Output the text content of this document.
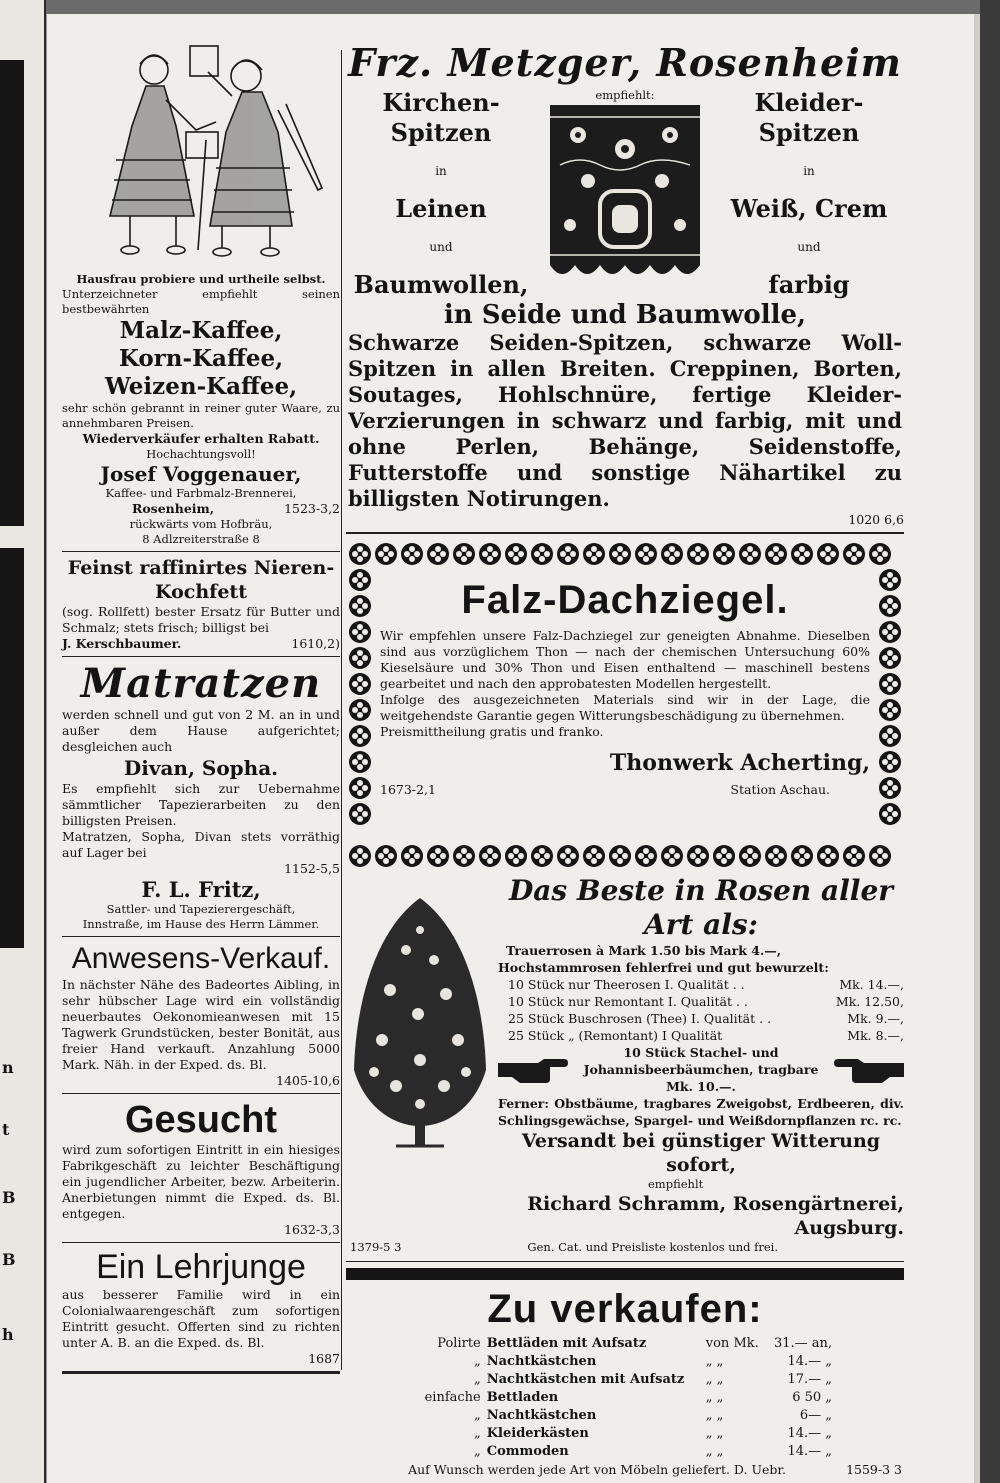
n
t
B
B
h
Hausfrau probiere und urtheile selbst.
Unterzeichneter empfiehlt seinen bestbewährten
Malz-Kaffee,
Korn-Kaffee,
Weizen-Kaffee,
sehr schön gebrannt in reiner guter Waare, zu annehmbaren Preisen.
Wiederverkäufer erhalten Rabatt.
Hochachtungsvoll!
Josef Voggenauer,
Kaffee- und Farbmalz-Brennerei,
Rosenheim,	1523-3,2
rückwärts vom Hofbräu,
8 Adlzreiterstraße 8
Feinst raffinirtes Nieren-Kochfett
(sog. Rollfett) bester Ersatz für Butter und Schmalz; stets frisch; billigst bei
J. Kerschbaumer.	1610,2)
Matratzen
werden schnell und gut von 2 M. an in und außer dem Hause aufgerichtet; desgleichen auch
Divan, Sopha.
Es empfiehlt sich zur Uebernahme sämmtlicher Tapezierarbeiten zu den billigsten Preisen.
Matratzen, Sopha, Divan stets vorräthig auf Lager bei
1152-5,5
F. L. Fritz,
Sattler- und Tapezierergeschäft,
Innstraße, im Hause des Herrn Lämmer.
Anwesens-Verkauf.
In nächster Nähe des Badeortes Aibling, in sehr hübscher Lage wird ein vollständig neuerbautes Oekonomieanwesen mit 15 Tagwerk Grundstücken, bester Bonität, aus freier Hand verkauft. Anzahlung 5000 Mark. Näh. in der Exped. ds. Bl.
1405-10,6
Gesucht
wird zum sofortigen Eintritt in ein hiesiges Fabrikgeschäft zu leichter Beschäftigung ein jugendlicher Arbeiter, bezw. Arbeiterin. Anerbietungen nimmt die Exped. ds. Bl. entgegen.
1632-3,3
Ein Lehrjunge
aus besserer Familie wird in ein Colonialwaarengeschäft zum sofortigen Eintritt gesucht. Offerten sind zu richten unter A. B. an die Exped. ds. Bl.
1687
Frz. Metzger, Rosenheim
Kirchen-Spitzen
in
Leinen
und
Baumwollen,
empfiehlt:	Kleider-Spitzen
in
Weiß, Crem
und
farbig
in Seide und Baumwolle,
Schwarze Seiden-Spitzen, schwarze Woll-Spitzen in allen Breiten. Creppinen, Borten, Soutages, Hohlschnüre, fertige Kleider-Verzierungen in schwarz und farbig, mit und ohne Perlen, Behänge, Seidenstoffe, Futterstoffe und sonstige Nähartikel zu billigsten Notirungen.
1020 6,6
Falz-Dachziegel.
Wir empfehlen unsere Falz-Dachziegel zur geneigten Abnahme. Dieselben sind aus vorzüglichem Thon — nach der chemischen Untersuchung 60% Kieselsäure und 30% Thon und Eisen enthaltend — maschinell bestens gearbeitet und nach den approbatesten Modellen hergestellt.
Infolge des ausgezeichneten Materials sind wir in der Lage, die weitgehendste Garantie gegen Witterungsbeschädigung zu übernehmen.
Preismittheilung gratis und franko.
Thonwerk Acherting,
1673-2,1	Station Aschau.
Das Beste in Rosen aller Art als:
Trauerrosen à Mark 1.50 bis Mark 4.—,
Hochstammrosen fehlerfrei und gut bewurzelt:
10 Stück nur Theerosen I. Qualität . .	Mk. 14.—,
10 Stück nur Remontant I. Qualität . .	Mk. 12.50,
25 Stück Buschrosen (Thee) I. Qualität . .	Mk. 9.—,
25 Stück „ (Remontant) I Qualität	Mk. 8.—,
10 Stück Stachel- und Johannisbeerbäumchen, tragbare Mk. 10.—.
Ferner: Obstbäume, tragbares Zweigobst, Erdbeeren, div. Schlingsgewächse, Spargel- und Weißdornpflanzen rc. rc.
Versandt bei günstiger Witterung sofort,
empfiehlt
Richard Schramm, Rosengärtnerei, Augsburg.
1379-5 3	Gen. Cat. und Preisliste kostenlos und frei.
Zu verkaufen:
Polirte	Bettläden mit Aufsatz	von Mk.	31.— an,
„	Nachtkästchen	„ „	14.— „
„	Nachtkästchen mit Aufsatz	„ „	17.— „
einfache	Bettladen	„ „	6 50 „
„	Nachtkästchen	„ „	6— „
„	Kleiderkästen	„ „	14.— „
„	Commoden	„ „	14.— „
Auf Wunsch werden jede Art von Möbeln geliefert. D. Uebr.	1559-3 3
